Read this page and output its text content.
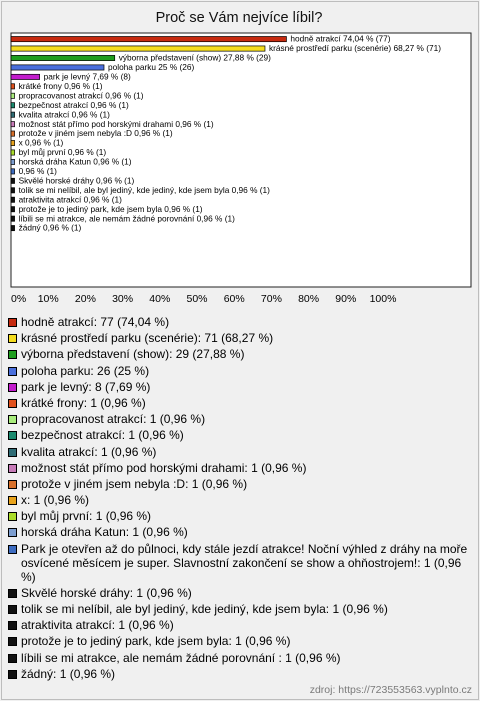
Proč se Vám nejvíce líbil?
hodně atrakcí 74,04 % (77)
krásné prostředí parku (scenérie) 68,27 % (71)
výborna představení (show) 27,88 % (29)
poloha parku 25 % (26)
park je levný 7,69 % (8)
krátké frony 0,96 % (1)
propracovanost atrakcí 0,96 % (1)
bezpečnost atrakcí 0,96 % (1)
kvalita atrakcí 0,96 % (1)
možnost stát přímo pod horskými drahami 0,96 % (1)
protože v jiném jsem nebyla :D 0,96 % (1)
x 0,96 % (1)
byl můj první 0,96 % (1)
horská dráha Katun 0,96 % (1)
0,96 % (1)
Skvělé horské dráhy 0,96 % (1)
tolik se mi nelíbil, ale byl jediný, kde jediný, kde jsem byla 0,96 % (1)
atraktivita atrakcí 0,96 % (1)
protože je to jediný park, kde jsem byla 0,96 % (1)
líbili se mi atrakce, ale nemám žádné porovnání 0,96 % (1)
žádný 0,96 % (1)
0% 10% 20% 30% 40% 50% 60% 70% 80% 90% 100%
hodně atrakcí: 77 (74,04 %)
krásné prostředí parku (scenérie): 71 (68,27 %)
výborna představení (show): 29 (27,88 %)
poloha parku: 26 (25 %)
park je levný: 8 (7,69 %)
krátké frony: 1 (0,96 %)
propracovanost atrakcí: 1 (0,96 %)
bezpečnost atrakcí: 1 (0,96 %)
kvalita atrakcí: 1 (0,96 %)
možnost stát přímo pod horskými drahami: 1 (0,96 %)
protože v jiném jsem nebyla :D: 1 (0,96 %)
x: 1 (0,96 %)
byl můj první: 1 (0,96 %)
horská dráha Katun: 1 (0,96 %)
Park je otevřen až do půlnoci, kdy stále jezdí atrakce! Noční výhled z dráhy na moře osvícené měsícem je super. Slavnostní zakončení se show a ohňostrojem!: 1 (0,96 %)
Skvělé horské dráhy: 1 (0,96 %)
tolik se mi nelíbil, ale byl jediný, kde jediný, kde jsem byla: 1 (0,96 %)
atraktivita atrakcí: 1 (0,96 %)
protože je to jediný park, kde jsem byla: 1 (0,96 %)
líbili se mi atrakce, ale nemám žádné porovnání : 1 (0,96 %)
žádný: 1 (0,96 %)
zdroj: https://723553563.vyplnto.cz
